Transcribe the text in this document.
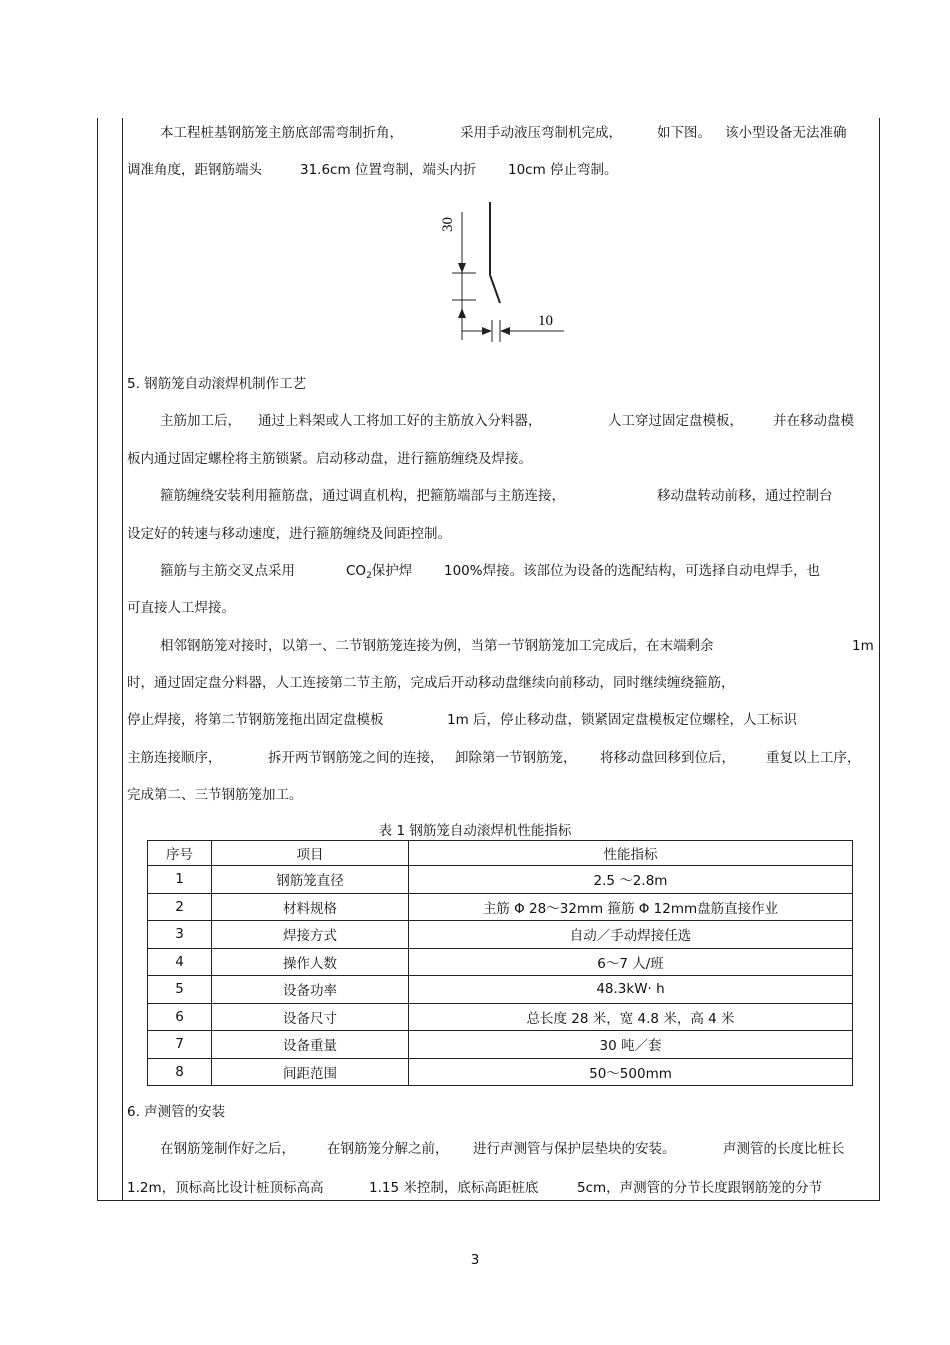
本工程桩基钢筋笼主筋底部需弯制折角，	采用手动液压弯制机完成，	如下图。 该小型设备无法准确
调准角度，距钢筋端头	31.6cm 位置弯制，端头内折 10cm 停止弯制。
30
10
5. 钢筋笼自动滚焊机制作工艺
主筋加工后， 通过上料架或人工将加工好的主筋放入分料器，	人工穿过固定盘模板， 并在移动盘模
板内通过固定螺栓将主筋锁紧。启动移动盘，进行箍筋缠绕及焊接。
箍筋缠绕安装利用箍筋盘，通过调直机构，把箍筋端部与主筋连接，	移动盘转动前移，通过控制台
设定好的转速与移动速度，进行箍筋缠绕及间距控制。
箍筋与主筋交叉点采用	$CO_2$保护焊 100%焊接。该部位为设备的选配结构，可选择自动电焊手，也
可直接人工焊接。
相邻钢筋笼对接时，以第一、二节钢筋笼连接为例，当第一节钢筋笼加工完成后，在末端剩余	1m
时，通过固定盘分料器，人工连接第二节主筋，完成后开动移动盘继续向前移动，同时继续缠绕箍筋，
停止焊接，将第二节钢筋笼拖出固定盘模板	1m 后，停止移动盘，锁紧固定盘模板定位螺栓，人工标识
主筋连接顺序，	拆开两节钢筋笼之间的连接， 卸除第一节钢筋笼， 将移动盘回移到位后， 重复以上工序，
完成第二、三节钢筋笼加工。
表 1 钢筋笼自动滚焊机性能指标
序号	项目	性能指标
1	钢筋笼直径	2.5 ～2.8m
2	材料规格	主筋 Φ 28～32mm 箍筋 Φ 12mm盘筋直接作业
3	焊接方式	自动／手动焊接任选
4	操作人数	6～7 人/班
5	设备功率	48.3kW· h
6	设备尺寸	总长度 28 米，宽 4.8 米，高 4 米
7	设备重量	30 吨／套
8	间距范围	50～500mm
6. 声测管的安装
在钢筋笼制作好之后， 在钢筋笼分解之前， 进行声测管与保护层垫块的安装。	声测管的长度比桩长
1.2m，顶标高比设计桩顶标高高	1.15 米控制，底标高距桩底	5cm，声测管的分节长度跟钢筋笼的分节
3
